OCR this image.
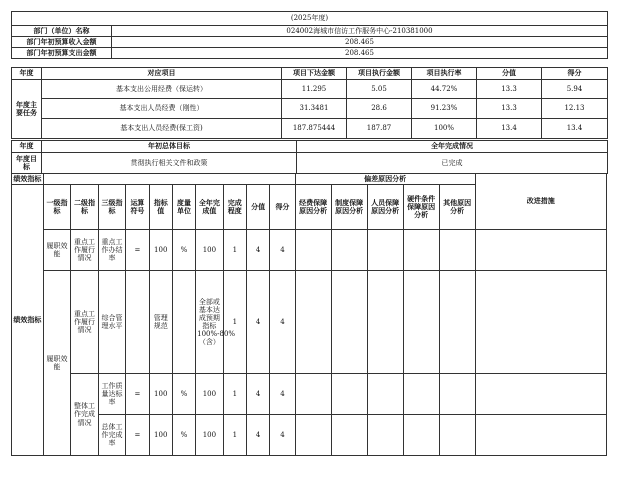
(2025年度)	
部门（单位）名称	024002海城市信访工作服务中心-210381000
部门年初预算收入金额	208.465
部门年初预算支出金额	208.465
年度	对应项目	项目下达金额	项目执行金额	项目执行率	分值	得分
年度主要任务	基本支出公用经费（保运转）	11.295	5.05	44.72%	13.3	5.94
	基本支出人员经费（刚性）	31.3481	28.6	91.23%	13.3	12.13
	基本支出人员经费(保工资)	187.875444	187.87	100%	13.4	13.4
年度	年初总体目标	全年完成情况
年度目标	贯彻执行相关文件和政策	已完成
绩效指标											偏差原因分析					改进措施
绩效指标	一级指标	二级指标	三级指标	运算符号	指标值	度量单位	全年完成值	完成程度	分值	得分	经费保障原因分析	制度保障原因分析	人员保障原因分析	硬件条件保障原因分析	其他原因分析	
	履职效能	重点工作履行情况	重点工作办结率	=	100	%	100	1	4	4						
	履职效能	重点工作履行情况	综合管理水平		管理规范		全部或基本达成预期指标100%-80%（含）	1	4	4						
		整体工作完成情况	工作质量达标率	=	100	%	100	1	4	4						
			总体工作完成率	=	100	%	100	1	4	4						
